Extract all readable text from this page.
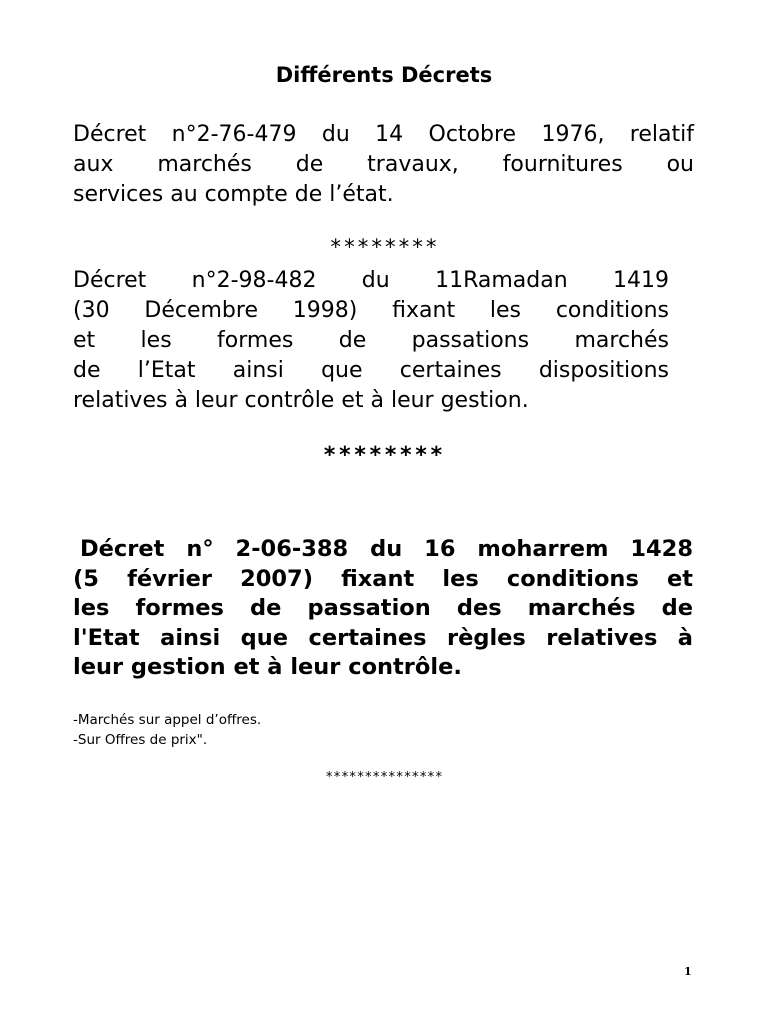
Différents Décrets
Décret n°2-76-479 du 14 Octobre 1976, relatif
aux marchés de travaux, fournitures ou
services au compte de l’état.
********
Décret n°2-98-482 du 11Ramadan 1419
(30 Décembre 1998) fixant les conditions
et les formes de passations marchés
de l’Etat ainsi que certaines dispositions
relatives à leur contrôle et à leur gestion.
********
Décret n° 2-06-388 du 16 moharrem 1428
(5 février 2007) fixant les conditions et
les formes de passation des marchés de
l'Etat ainsi que certaines règles relatives à
leur gestion et à leur contrôle.
-Marchés sur appel d’offres.
-Sur Offres de prix".
***************
1
